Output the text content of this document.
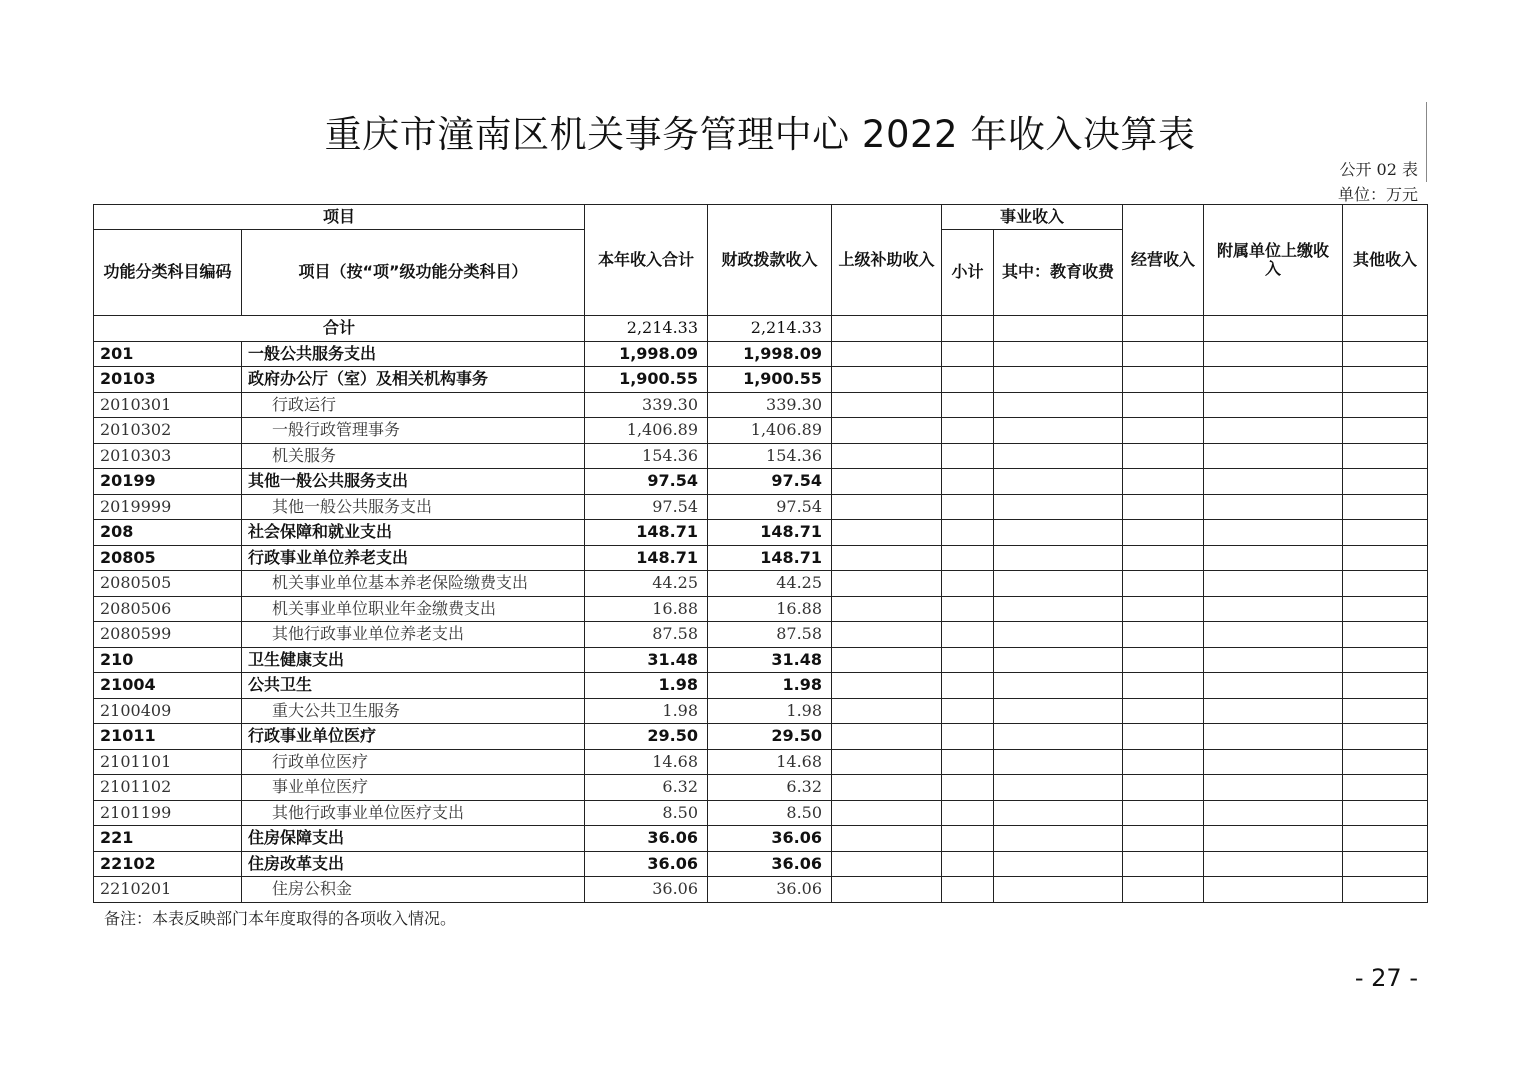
重庆市潼南区机关事务管理中心 2022 年收入决算表
公开 02 表
单位：万元
项目		本年收入合计	财政拨款收入	上级补助收入	事业收入		经营收入	附属单位上缴收入	其他收入
功能分类科目编码	项目（按“项”级功能分类科目）				小计	其中：教育收费			
合计		2,214.33	2,214.33						
201	一般公共服务支出	1,998.09	1,998.09						
20103	政府办公厅（室）及相关机构事务	1,900.55	1,900.55						
2010301	行政运行	339.30	339.30						
2010302	一般行政管理事务	1,406.89	1,406.89						
2010303	机关服务	154.36	154.36						
20199	其他一般公共服务支出	97.54	97.54						
2019999	其他一般公共服务支出	97.54	97.54						
208	社会保障和就业支出	148.71	148.71						
20805	行政事业单位养老支出	148.71	148.71						
2080505	机关事业单位基本养老保险缴费支出	44.25	44.25						
2080506	机关事业单位职业年金缴费支出	16.88	16.88						
2080599	其他行政事业单位养老支出	87.58	87.58						
210	卫生健康支出	31.48	31.48						
21004	公共卫生	1.98	1.98						
2100409	重大公共卫生服务	1.98	1.98						
21011	行政事业单位医疗	29.50	29.50						
2101101	行政单位医疗	14.68	14.68						
2101102	事业单位医疗	6.32	6.32						
2101199	其他行政事业单位医疗支出	8.50	8.50						
221	住房保障支出	36.06	36.06						
22102	住房改革支出	36.06	36.06						
2210201	住房公积金	36.06	36.06						
备注：本表反映部门本年度取得的各项收入情况。
- 27 -
